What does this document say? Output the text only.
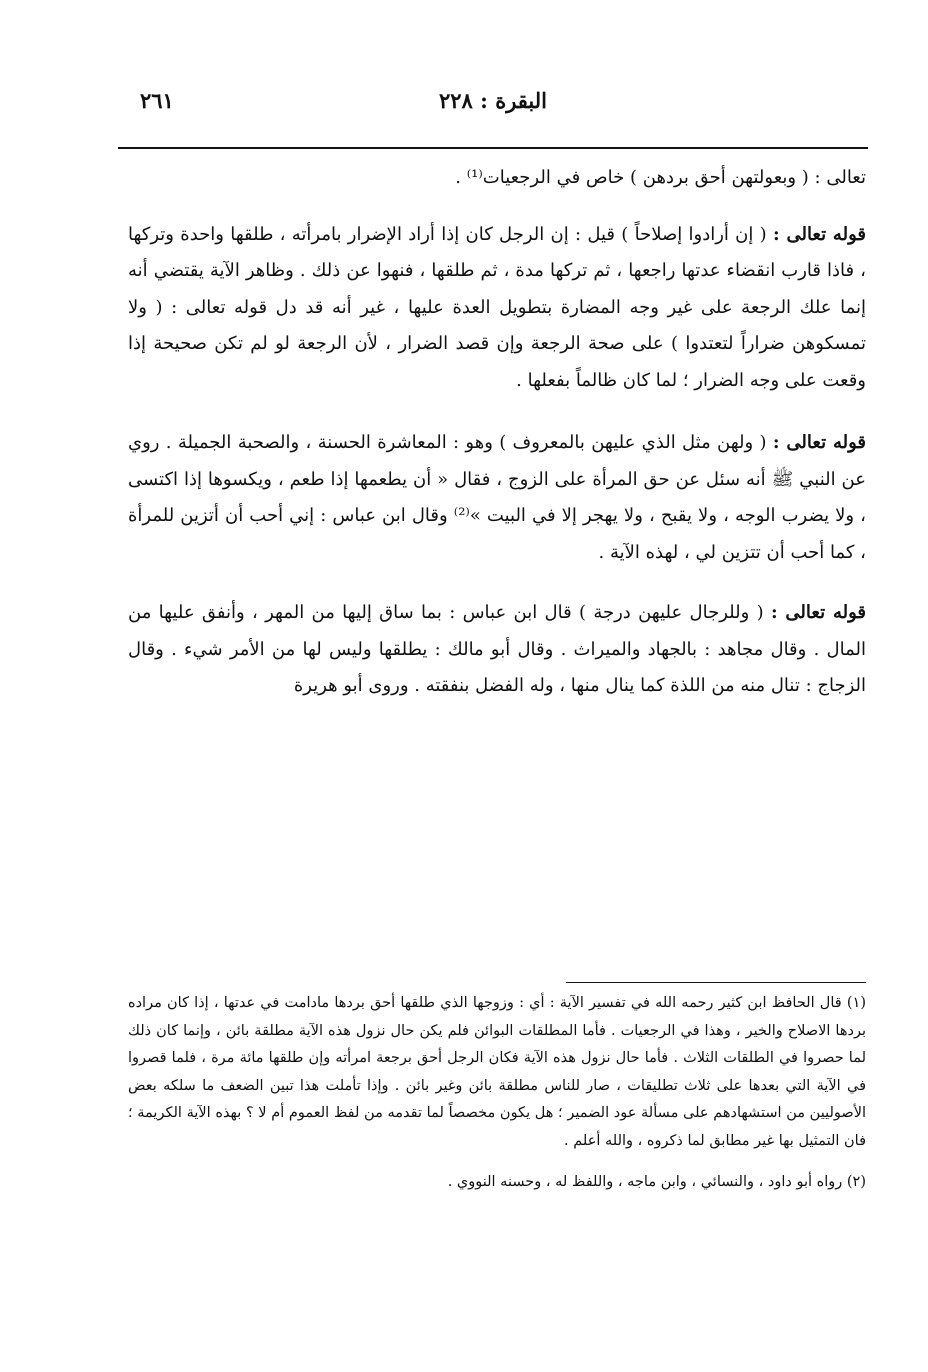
البقرة : ٢٢٨
٢٦١

تعالى : ( وبعولتهن أحق بردهن ) خاص في الرجعيات⁽¹⁾ .

قوله تعالى : ( إن أرادوا إصلاحاً ) قيل : إن الرجل كان إذا أراد الإضرار بامرأته ، طلقها واحدة وتركها ، فاذا قارب انقضاء عدتها راجعها ، ثم تركها مدة ، ثم طلقها ، فنهوا عن ذلك . وظاهر الآية يقتضي أنه إنما علك الرجعة على غير وجه المضارة بتطويل العدة عليها ، غير أنه قد دل قوله تعالى : ( ولا تمسكوهن ضراراً لتعتدوا ) على صحة الرجعة وإن قصد الضرار ، لأن الرجعة لو لم تكن صحيحة إذا وقعت على وجه الضرار ؛ لما كان ظالماً بفعلها .

قوله تعالى : ( ولهن مثل الذي عليهن بالمعروف ) وهو : المعاشرة الحسنة ، والصحبة الجميلة . روي عن النبي ﷺ أنه سئل عن حق المرأة على الزوج ، فقال « أن يطعمها إذا طعم ، ويكسوها إذا اكتسى ، ولا يضرب الوجه ، ولا يقبح ، ولا يهجر إلا في البيت »⁽²⁾ وقال ابن عباس : إني أحب أن أتزين للمرأة ، كما أحب أن تتزين لي ، لهذه الآية .

قوله تعالى : ( وللرجال عليهن درجة ) قال ابن عباس : بما ساق إليها من المهر ، وأنفق عليها من المال . وقال مجاهد : بالجهاد والميراث . وقال أبو مالك : يطلقها وليس لها من الأمر شيء . وقال الزجاج : تنال منه من اللذة كما ينال منها ، وله الفضل بنفقته . وروى أبو هريرة

(١) قال الحافظ ابن كثير رحمه الله في تفسير الآية : أي : وزوجها الذي طلقها أحق بردها مادامت في عدتها ، إذا كان مراده بردها الاصلاح والخير ، وهذا في الرجعيات . فأما المطلقات البوائن فلم يكن حال نزول هذه الآية مطلقة بائن ، وإنما كان ذلك لما حصروا في الطلقات الثلاث . فأما حال نزول هذه الآية فكان الرجل أحق برجعة امرأته وإن طلقها مائة مرة ، فلما قصروا في الآية التي بعدها على ثلاث تطليقات ، صار للناس مطلقة بائن وغير بائن . وإذا تأملت هذا تبين الضعف ما سلكه بعض الأصوليين من استشهادهم على مسألة عود الضمير ؛ هل يكون مخصصاً لما تقدمه من لفظ العموم أم لا ؟ بهذه الآية الكريمة ؛ فان التمثيل بها غير مطابق لما ذكروه ، والله أعلم .

(٢) رواه أبو داود ، والنسائي ، وابن ماجه ، واللفظ له ، وحسنه النووي .
